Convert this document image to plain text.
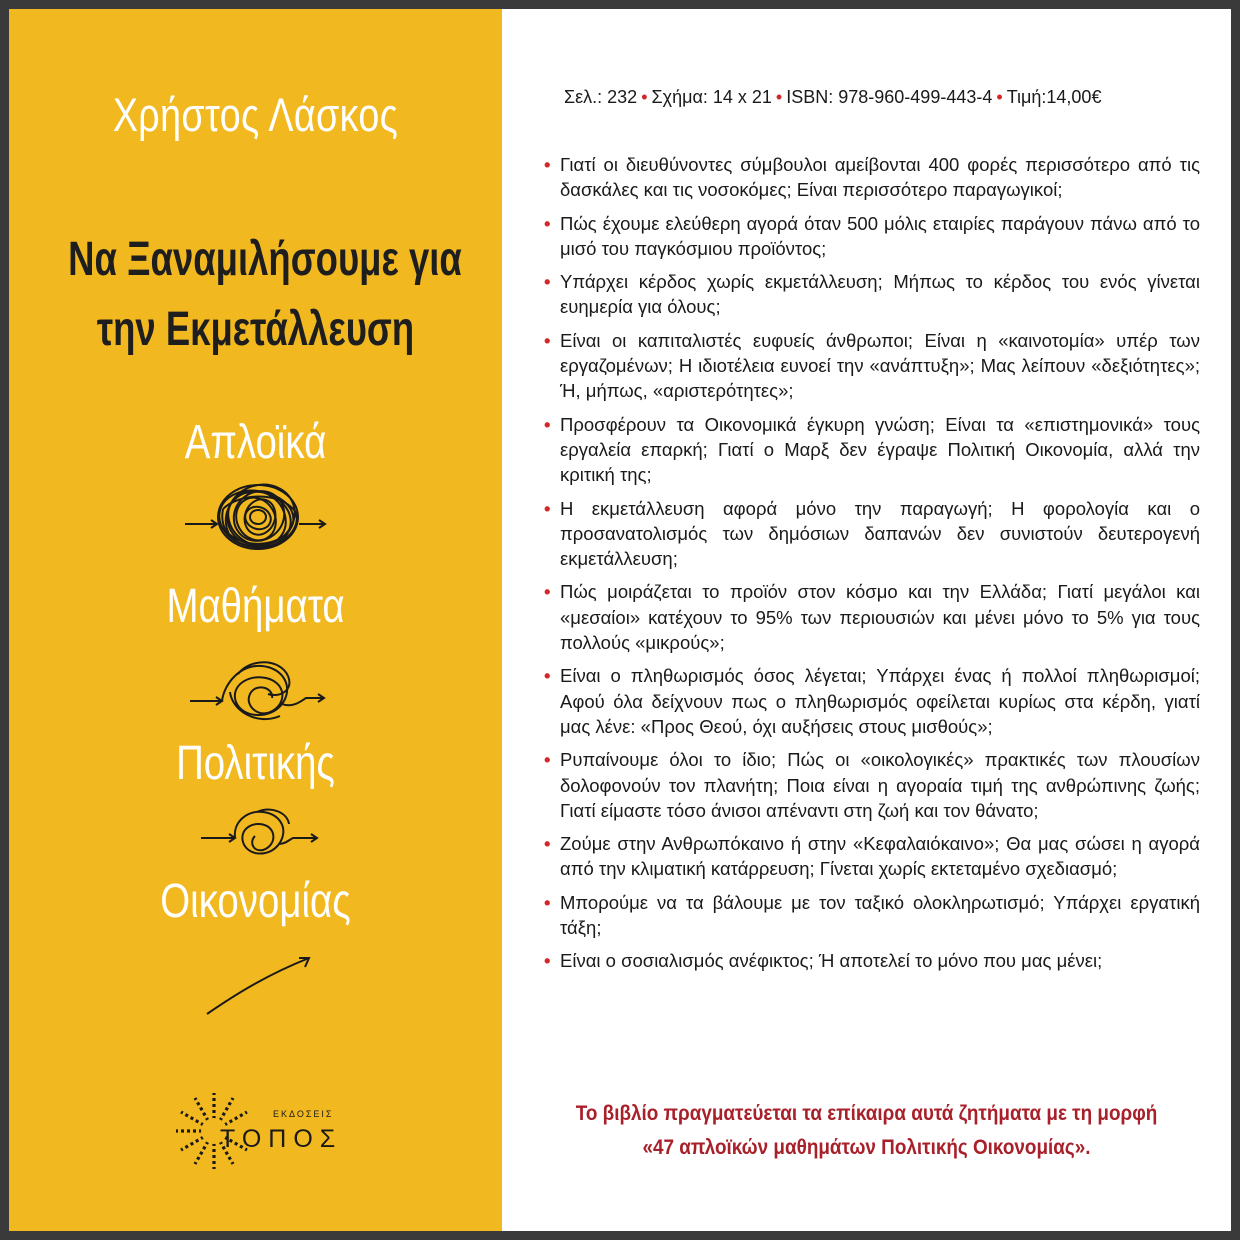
Χρήστος Λάσκος
Να Ξαναμιλήσουμε για
την Εκμετάλλευση
Απλοϊκά
Μαθήματα
Πολιτικής
Οικονομίας
ΕΚΔΟΣΕΙΣ
ΤΟΠΟΣ
Σελ.: 232 • Σχήμα: 14 x 21 • ISBN: 978-960-499-443-4 • Τιμή:14,00€
• Γιατί οι διευθύνοντες σύμβουλοι αμείβονται 400 φορές περισσότερο από τις δασκάλες και τις νοσοκόμες; Είναι περισσότερο παραγωγικοί;
• Πώς έχουμε ελεύθερη αγορά όταν 500 μόλις εταιρίες παράγουν πάνω από το μισό του παγκόσμιου προϊόντος;
• Υπάρχει κέρδος χωρίς εκμετάλλευση; Μήπως το κέρδος του ενός γίνεται ευημερία για όλους;
• Είναι οι καπιταλιστές ευφυείς άνθρωποι; Είναι η «καινοτομία» υπέρ των εργαζομένων; Η ιδιοτέλεια ευνοεί την «ανάπτυξη»; Μας λείπουν «δεξιότητες»; Ή, μήπως, «αριστερότητες»;
• Προσφέρουν τα Οικονομικά έγκυρη γνώση; Είναι τα «επιστημονικά» τους εργαλεία επαρκή; Γιατί ο Μαρξ δεν έγραψε Πολιτική Οικονομία, αλλά την κριτική της;
• Η εκμετάλλευση αφορά μόνο την παραγωγή; Η φορολογία και ο προσανατολισμός των δημόσιων δαπανών δεν συνιστούν δευτερογενή εκμετάλλευση;
• Πώς μοιράζεται το προϊόν στον κόσμο και την Ελλάδα; Γιατί μεγάλοι και «μεσαίοι» κατέχουν το 95% των περιουσιών και μένει μόνο το 5% για τους πολλούς «μικρούς»;
• Είναι ο πληθωρισμός όσος λέγεται; Υπάρχει ένας ή πολλοί πληθωρισμοί; Αφού όλα δείχνουν πως ο πληθωρισμός οφείλεται κυρίως στα κέρδη, γιατί μας λένε: «Προς Θεού, όχι αυξήσεις στους μισθούς»;
• Ρυπαίνουμε όλοι το ίδιο; Πώς οι «οικολογικές» πρακτικές των πλουσίων δολοφονούν τον πλανήτη; Ποια είναι η αγοραία τιμή της ανθρώπινης ζωής; Γιατί είμαστε τόσο άνισοι απέναντι στη ζωή και τον θάνατο;
• Ζούμε στην Ανθρωπόκαινο ή στην «Κεφαλαιόκαινο»; Θα μας σώσει η αγορά από την κλιματική κατάρρευση; Γίνεται χωρίς εκτεταμένο σχεδιασμό;
• Μπορούμε να τα βάλουμε με τον ταξικό ολοκληρωτισμό; Υπάρχει εργατική τάξη;
• Είναι ο σοσιαλισμός ανέφικτος; Ή αποτελεί το μόνο που μας μένει;
Το βιβλίο πραγματεύεται τα επίκαιρα αυτά ζητήματα με τη μορφή
«47 απλοϊκών μαθημάτων Πολιτικής Οικονομίας».
